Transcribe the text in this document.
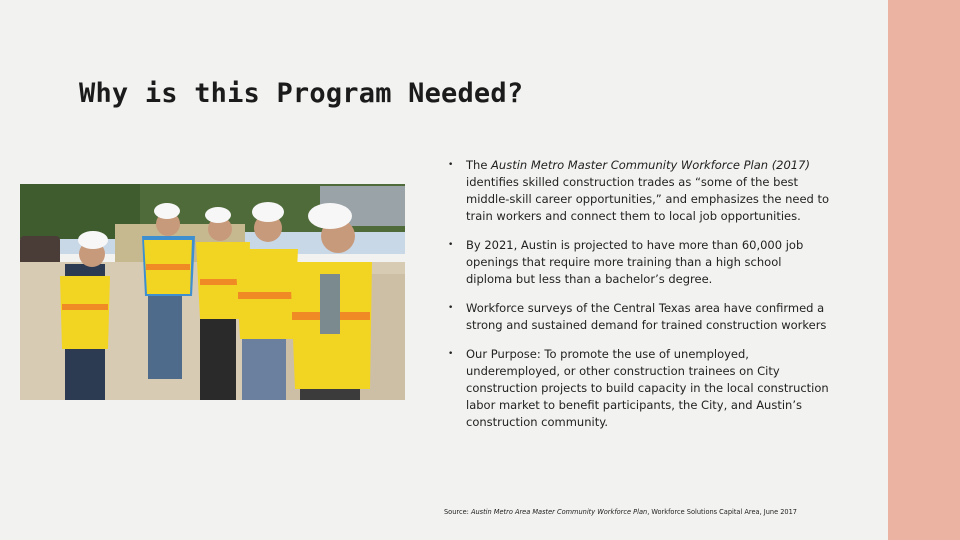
Why is this Program Needed?
• The Austin Metro Master Community Workforce Plan (2017) identifies skilled construction trades as “some of the best middle-skill career opportunities,” and emphasizes the need to train workers and connect them to local job opportunities.
• By 2021, Austin is projected to have more than 60,000 job openings that require more training than a high school diploma but less than a bachelor’s degree.
• Workforce surveys of the Central Texas area have confirmed a strong and sustained demand for trained construction workers
• Our Purpose: To promote the use of unemployed, underemployed, or other construction trainees on City construction projects to build capacity in the local construction labor market to benefit participants, the City, and Austin’s construction community.
Source: Austin Metro Area Master Community Workforce Plan, Workforce Solutions Capital Area, June 2017
